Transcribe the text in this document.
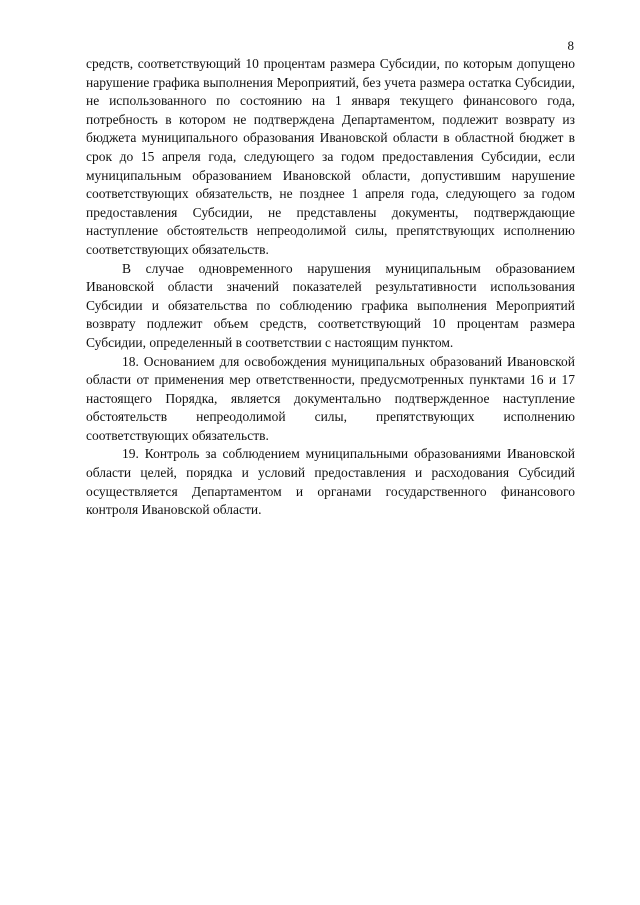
8

средств, соответствующий 10 процентам размера Субсидии, по которым допущено нарушение графика выполнения Мероприятий, без учета размера остатка Субсидии, не использованного по состоянию на 1 января текущего финансового года, потребность в котором не подтверждена Департаментом, подлежит возврату из бюджета муниципального образования Ивановской области в областной бюджет в срок до 15 апреля года, следующего за годом предоставления Субсидии, если муниципальным образованием Ивановской области, допустившим нарушение соответствующих обязательств, не позднее 1 апреля года, следующего за годом предоставления Субсидии, не представлены документы, подтверждающие наступление обстоятельств непреодолимой силы, препятствующих исполнению соответствующих обязательств.

В случае одновременного нарушения муниципальным образованием Ивановской области значений показателей результативности использования Субсидии и обязательства по соблюдению графика выполнения Мероприятий возврату подлежит объем средств, соответствующий 10 процентам размера Субсидии, определенный в соответствии с настоящим пунктом.

18. Основанием для освобождения муниципальных образований Ивановской области от применения мер ответственности, предусмотренных пунктами 16 и 17 настоящего Порядка, является документально подтвержденное наступление обстоятельств непреодолимой силы, препятствующих исполнению соответствующих обязательств.

19. Контроль за соблюдением муниципальными образованиями Ивановской области целей, порядка и условий предоставления и расходования Субсидий осуществляется Департаментом и органами государственного финансового контроля Ивановской области.
